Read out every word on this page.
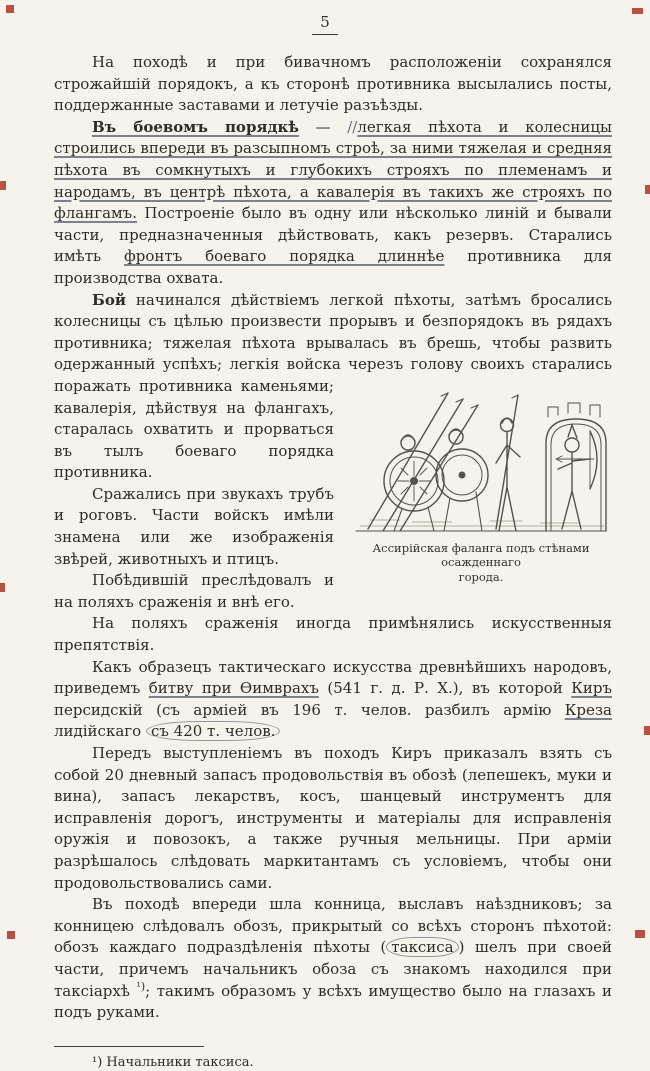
5

На походѣ и при бивачномъ расположеніи сохранялся строжайшій порядокъ, а къ сторонѣ противника высылались посты, поддержанные заставами и летучіе разъѣзды.

Въ боевомъ порядкѣ — //легкая пѣхота и колесницы строились впереди въ разсыпномъ строѣ, за ними тяжелая и средняя пѣхота въ сомкнутыхъ и глубокихъ строяхъ по племенамъ и народамъ, въ центрѣ пѣхота, а кавалерія въ такихъ же строяхъ по флангамъ. Построеніе было въ одну или нѣсколько линій и бывали части, предназначенныя дѣйствовать, какъ резервъ. Старались имѣть фронтъ боеваго порядка длиннѣе противника для производства охвата.

Бой начинался дѣйствіемъ легкой пѣхоты, затѣмъ бросались колесницы съ цѣлью произвести прорывъ и безпорядокъ въ рядахъ противника; тяжелая пѣхота врывалась въ брешь, чтобы развить одержанный успѣхъ; легкія войска черезъ голову своихъ старались поражать противника
Ассирійская фаланга подъ стѣнами осажденнаго
города.
каменьями; кавалерія, дѣйствуя на флангахъ, старалась охватить и прорваться въ тылъ боеваго порядка противника.

Сражались при звукахъ трубъ и роговъ. Части войскъ имѣли знамена или же изображенія звѣрей, животныхъ и птицъ.

Побѣдившій преслѣдовалъ и на поляхъ сраженія и внѣ его.

На поляхъ сраженія иногда примѣнялись искусственныя препятствія.

Какъ образецъ тактическаго искусства древнѣйшихъ народовъ, приведемъ битву при Ѳимврахъ (541 г. д. Р. Х.), въ которой Киръ персидскій (съ арміей въ 196 т. челов. разбилъ армію Креза лидійскаго съ 420 т. челов.

Передъ выступленіемъ въ походъ Киръ приказалъ взять съ собой 20 дневный запасъ продовольствія въ обозѣ (лепешекъ, муки и вина), запасъ лекарствъ, косъ, шанцевый инструментъ для исправленія дорогъ, инструменты и матеріалы для исправленія оружія и повозокъ, а также ручныя мельницы. При арміи разрѣшалось слѣдовать маркитантамъ съ условіемъ, чтобы они продовольствовались сами.

Въ походѣ впереди шла конница, выславъ наѣздниковъ; за конницею слѣдовалъ обозъ, прикрытый со всѣхъ сторонъ пѣхотой: обозъ каждаго подраздѣленія пѣхоты ( таксиса ) шелъ при своей части, причемъ начальникъ обоза съ знакомъ находился при таксіархѣ $^{^1)}$; такимъ образомъ у всѣхъ имущество было на глазахъ и подъ руками.

¹) Начальники таксиса.
